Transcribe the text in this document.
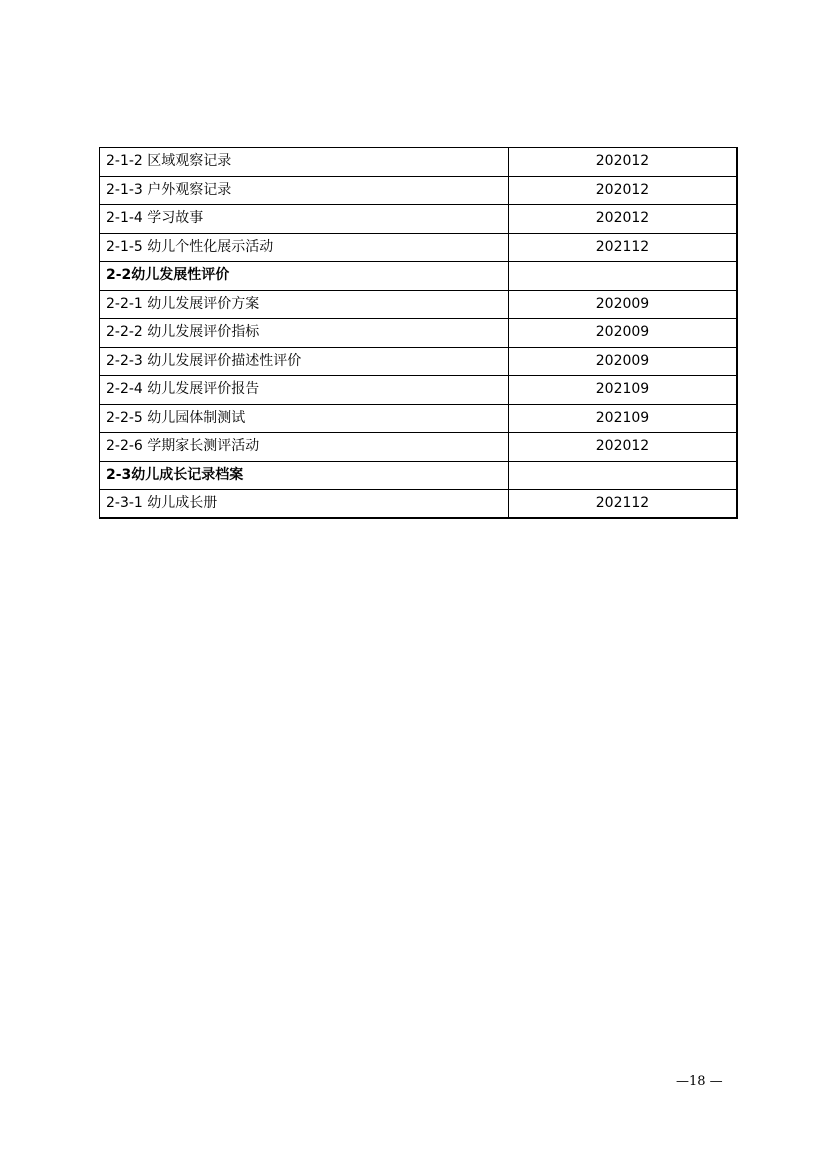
2-1-2 区域观察记录	202012
2-1-3 户外观察记录	202012
2-1-4 学习故事	202012
2-1-5 幼儿个性化展示活动	202112
2-2幼儿发展性评价	
2-2-1 幼儿发展评价方案	202009
2-2-2 幼儿发展评价指标	202009
2-2-3 幼儿发展评价描述性评价	202009
2-2-4 幼儿发展评价报告	202109
2-2-5 幼儿园体制测试	202109
2-2-6 学期家长测评活动	202012
2-3幼儿成长记录档案	
2-3-1 幼儿成长册	202112
—18 —
